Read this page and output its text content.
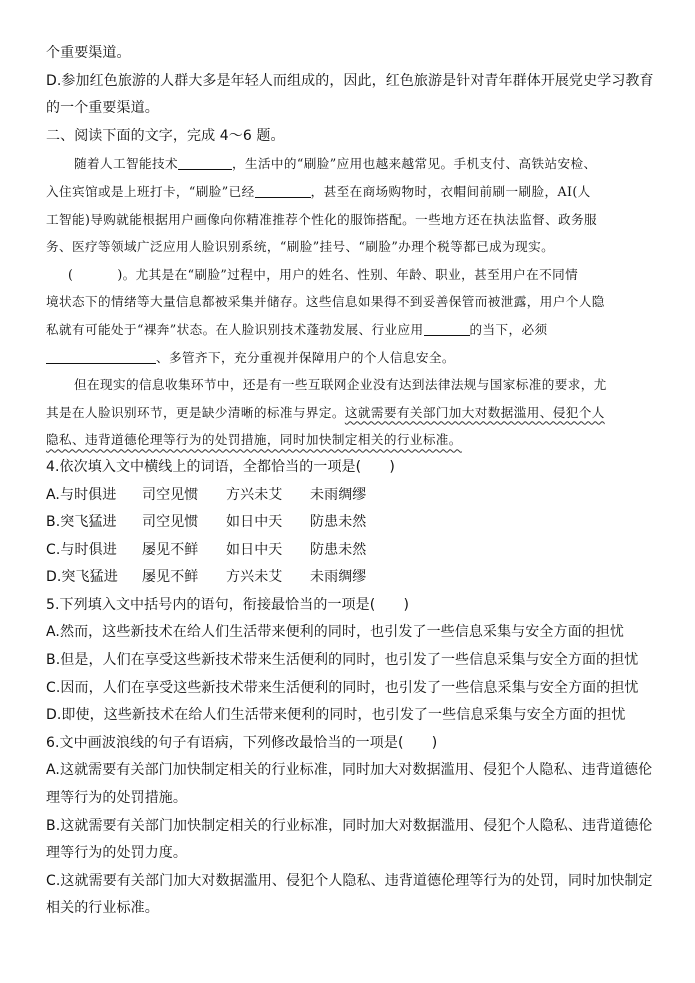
个重要渠道。
D.参加红色旅游的人群大多是年轻人而组成的，因此，红色旅游是针对青年群体开展党史学习教育
的一个重要渠道。
二、阅读下面的文字，完成 4～6 题。
随着人工智能技术	，生活中的“刷脸”应用也越来越常见。手机支付、高铁站安检、
入住宾馆或是上班打卡，“刷脸”已经	，甚至在商场购物时，衣帽间前刷一刷脸，AI(人
工智能)导购就能根据用户画像向你精准推荐个性化的服饰搭配。一些地方还在执法监督、政务服
务、医疗等领域广泛应用人脸识别系统，“刷脸”挂号、“刷脸”办理个税等都已成为现实。
(	)。尤其是在“刷脸”过程中，用户的姓名、性别、年龄、职业，甚至用户在不同情
境状态下的情绪等大量信息都被采集并储存。这些信息如果得不到妥善保管而被泄露，用户个人隐
私就有可能处于“裸奔”状态。在人脸识别技术蓬勃发展、行业应用	的当下，必须
、多管齐下，充分重视并保障用户的个人信息安全。
但在现实的信息收集环节中，还是有一些互联网企业没有达到法律法规与国家标准的要求，尤
其是在人脸识别环节，更是缺少清晰的标准与界定。这就需要有关部门加大对数据滥用、侵犯个人
隐私、违背道德伦理等行为的处罚措施，同时加快制定相关的行业标准。
4.依次填入文中横线上的词语，全都恰当的一项是(　　)
A.与时俱进 司空见惯 方兴未艾 未雨绸缪
B.突飞猛进 司空见惯 如日中天 防患未然
C.与时俱进 屡见不鲜 如日中天 防患未然
D.突飞猛进 屡见不鲜 方兴未艾 未雨绸缪
5.下列填入文中括号内的语句，衔接最恰当的一项是(　　)
A.然而，这些新技术在给人们生活带来便利的同时，也引发了一些信息采集与安全方面的担忧
B.但是，人们在享受这些新技术带来生活便利的同时，也引发了一些信息采集与安全方面的担忧
C.因而，人们在享受这些新技术带来生活便利的同时，也引发了一些信息采集与安全方面的担忧
D.即使，这些新技术在给人们生活带来便利的同时，也引发了一些信息采集与安全方面的担忧
6.文中画波浪线的句子有语病，下列修改最恰当的一项是(　　)
A.这就需要有关部门加快制定相关的行业标准，同时加大对数据滥用、侵犯个人隐私、违背道德伦
理等行为的处罚措施。
B.这就需要有关部门加快制定相关的行业标准，同时加大对数据滥用、侵犯个人隐私、违背道德伦
理等行为的处罚力度。
C.这就需要有关部门加大对数据滥用、侵犯个人隐私、违背道德伦理等行为的处罚，同时加快制定
相关的行业标准。
